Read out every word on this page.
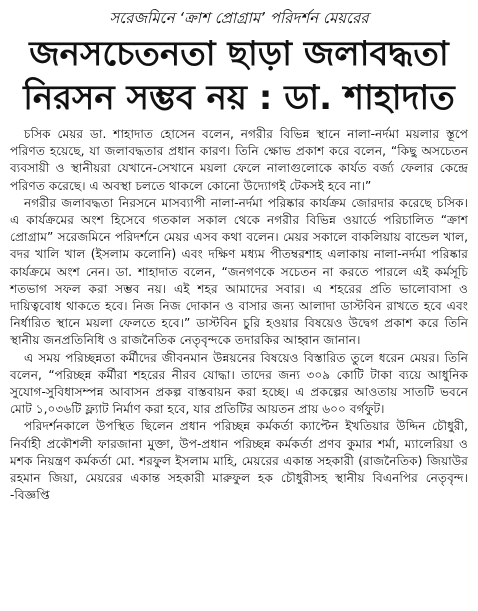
সরেজমিনে ‘ক্রাশ প্রোগ্রাম’ পরিদর্শন মেয়রের
জনসচেতনতা ছাড়া জলাবদ্ধতা
নিরসন সম্ভব নয় : ডা. শাহাদাত

চসিক মেয়র ডা. শাহাদাত হোসেন বলেন, নগরীর বিভিন্ন স্থানে নালা-নর্দমা ময়লার স্তূপে পরিণত হয়েছে, যা জলাবদ্ধতার প্রধান কারণ। তিনি ক্ষোভ প্রকাশ করে বলেন, “কিছু অসচেতন ব্যবসায়ী ও স্থানীয়রা যেখানে-সেখানে ময়লা ফেলে নালাগুলোকে কার্যত বর্জ্য ফেলার কেন্দ্রে পরিণত করেছে। এ অবস্থা চলতে থাকলে কোনো উদ্যোগই টেকসই হবে না।”

নগরীর জলাবদ্ধতা নিরসনে মাসব্যাপী নালা-নর্দমা পরিষ্কার কার্যক্রম জোরদার করেছে চসিক। এ কার্যক্রমের অংশ হিসেবে গতকাল সকাল থেকে নগরীর বিভিন্ন ওয়ার্ডে পরিচালিত “ক্রাশ প্রোগ্রাম” সরেজমিনে পরিদর্শনে মেয়র এসব কথা বলেন। মেয়র সকালে বাকলিয়ায় বান্ডেল খাল, বদর খালি খাল (ইসলাম কলোনি) এবং দক্ষিণ মধ্যম পীতম্বরশাহ এলাকায় নালা-নর্দমা পরিষ্কার কার্যক্রমে অংশ নেন। ডা. শাহাদাত বলেন, “জনগণকে সচেতন না করতে পারলে এই কর্মসূচি শতভাগ সফল করা সম্ভব নয়। এই শহর আমাদের সবার। এ শহরের প্রতি ভালোবাসা ও দায়িত্ববোধ থাকতে হবে। নিজ নিজ দোকান ও বাসার জন্য আলাদা ডাস্টবিন রাখতে হবে এবং নির্ধারিত স্থানে ময়লা ফেলতে হবে।” ডাস্টবিন চুরি হওয়ার বিষয়েও উদ্বেগ প্রকাশ করে তিনি স্থানীয় জনপ্রতিনিধি ও রাজনৈতিক নেতৃবৃন্দকে তদারকির আহ্বান জানান।

এ সময় পরিচ্ছন্নতা কর্মীদের জীবনমান উন্নয়নের বিষয়েও বিস্তারিত তুলে ধরেন মেয়র। তিনি বলেন, “পরিচ্ছন্ন কর্মীরা শহরের নীরব যোদ্ধা। তাদের জন্য ৩০৯ কোটি টাকা ব্যয়ে আধুনিক সুযোগ-সুবিধাসম্পন্ন আবাসন প্রকল্প বাস্তবায়ন করা হচ্ছে। এ প্রকল্পের আওতায় সাতটি ভবনে মোট ১,০৩৬টি ফ্ল্যাট নির্মাণ করা হবে, যার প্রতিটির আয়তন প্রায় ৬০০ বর্গফুট।

পরিদর্শনকালে উপস্থিত ছিলেন প্রধান পরিচ্ছন্ন কর্মকর্তা ক্যাপ্টেন ইখতিয়ার উদ্দিন চৌধুরী, নির্বাহী প্রকৌশলী ফারজানা মুক্তা, উপ-প্রধান পরিচ্ছন্ন কর্মকর্তা প্রণব কুমার শর্মা, ম্যালেরিয়া ও মশক নিয়ন্ত্রণ কর্মকর্তা মো. শরফুল ইসলাম মাহি, মেয়রের একান্ত সহকারী (রাজনৈতিক) জিয়াউর রহমান জিয়া, মেয়রের একান্ত সহকারী মারুফুল হক চৌধুরীসহ স্থানীয় বিএনপির নেতৃবৃন্দ। -বিজ্ঞপ্তি
